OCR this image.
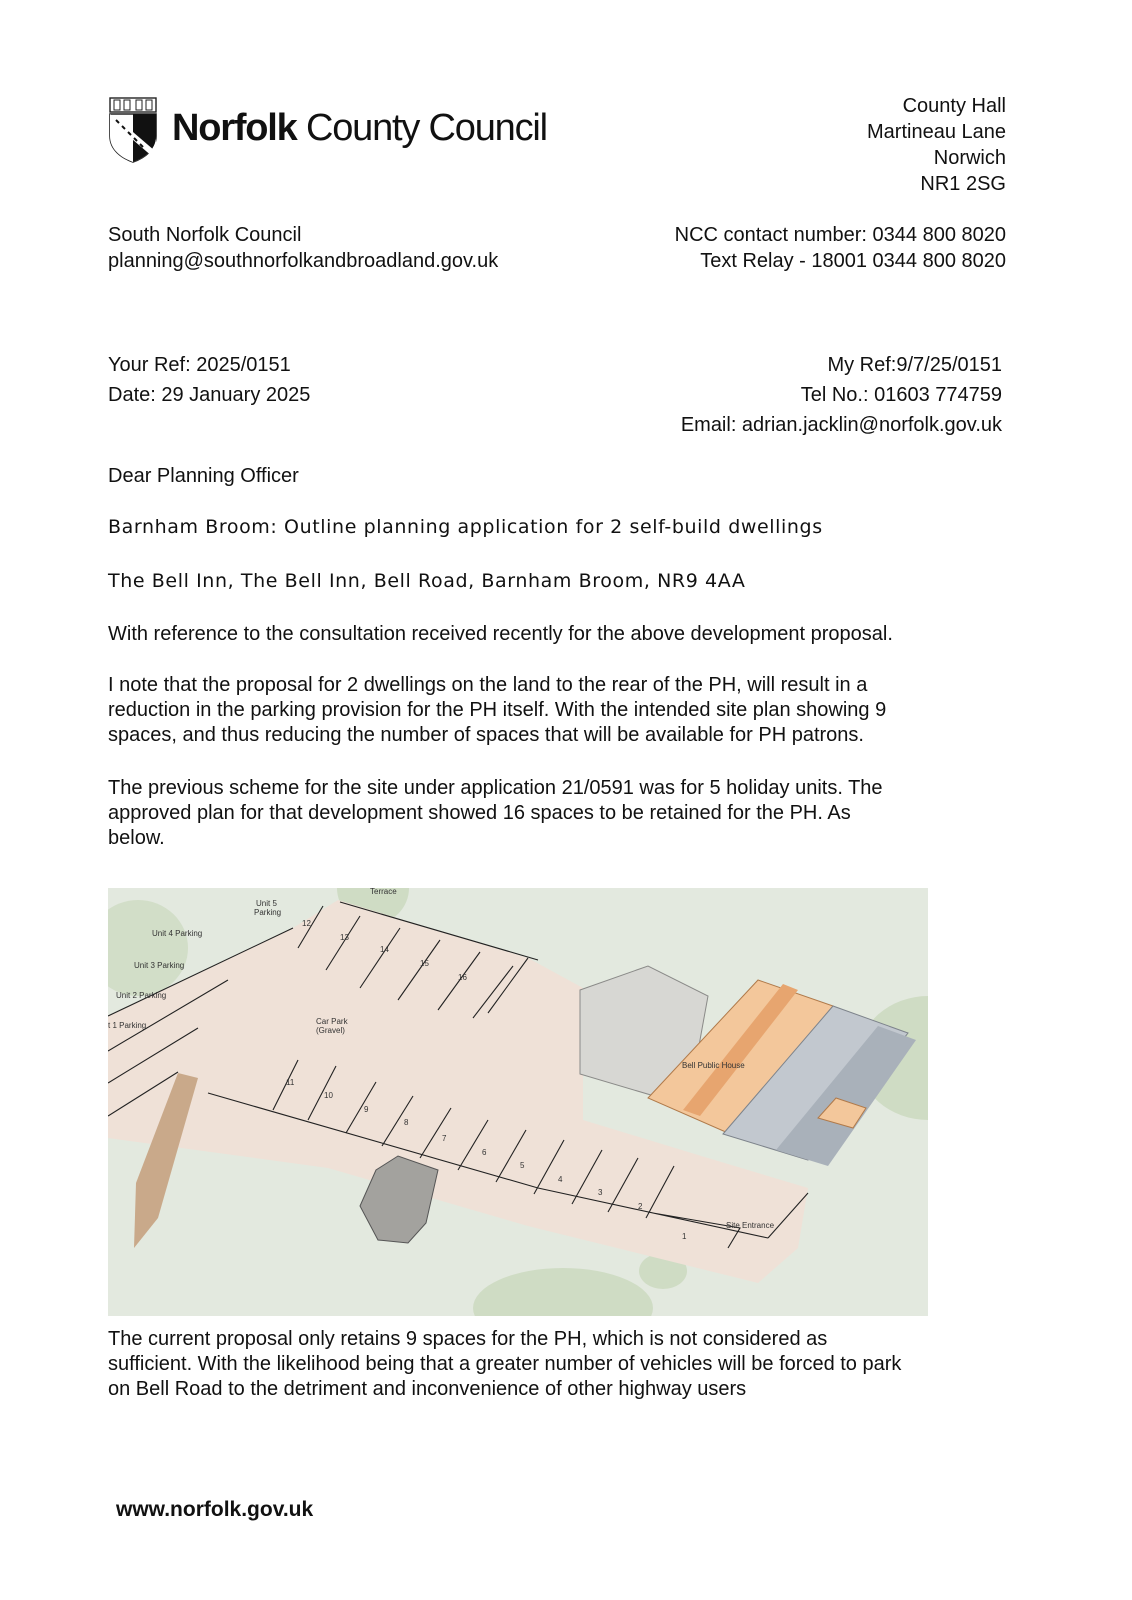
Norfolk County Council
County Hall
Martineau Lane
Norwich
NR1 2SG
South Norfolk Council
planning@southnorfolkandbroadland.gov.uk
NCC contact number: 0344 800 8020
Text Relay - 18001 0344 800 8020
Your Ref: 2025/0151
Date: 29 January 2025
My Ref:9/7/25/0151
Tel No.: 01603 774759
Email: adrian.jacklin@norfolk.gov.uk
Dear Planning Officer
Barnham Broom: Outline planning application for 2 self-build dwellings
The Bell Inn, The Bell Inn, Bell Road, Barnham Broom, NR9 4AA
With reference to the consultation received recently for the above development proposal.
I note that the proposal for 2 dwellings on the land to the rear of the PH, will result in a
reduction in the parking provision for the PH itself. With the intended site plan showing 9
spaces, and thus reducing the number of spaces that will be available for PH patrons.
The previous scheme for the site under application 21/0591 was for 5 holiday units. The
approved plan for that development showed 16 spaces to be retained for the PH. As
below.
Terrace
Unit 5
Parking
Unit 4 Parking
Unit 3 Parking
Unit 2 Parking
t 1 Parking	Car Park
(Gravel)
Bell Public House
Site Entrance
1
2
3
4
5
6
7
8
9
10
11
12
13
14
15
16
The current proposal only retains 9 spaces for the PH, which is not considered as
sufficient. With the likelihood being that a greater number of vehicles will be forced to park
on Bell Road to the detriment and inconvenience of other highway users
www.norfolk.gov.uk
